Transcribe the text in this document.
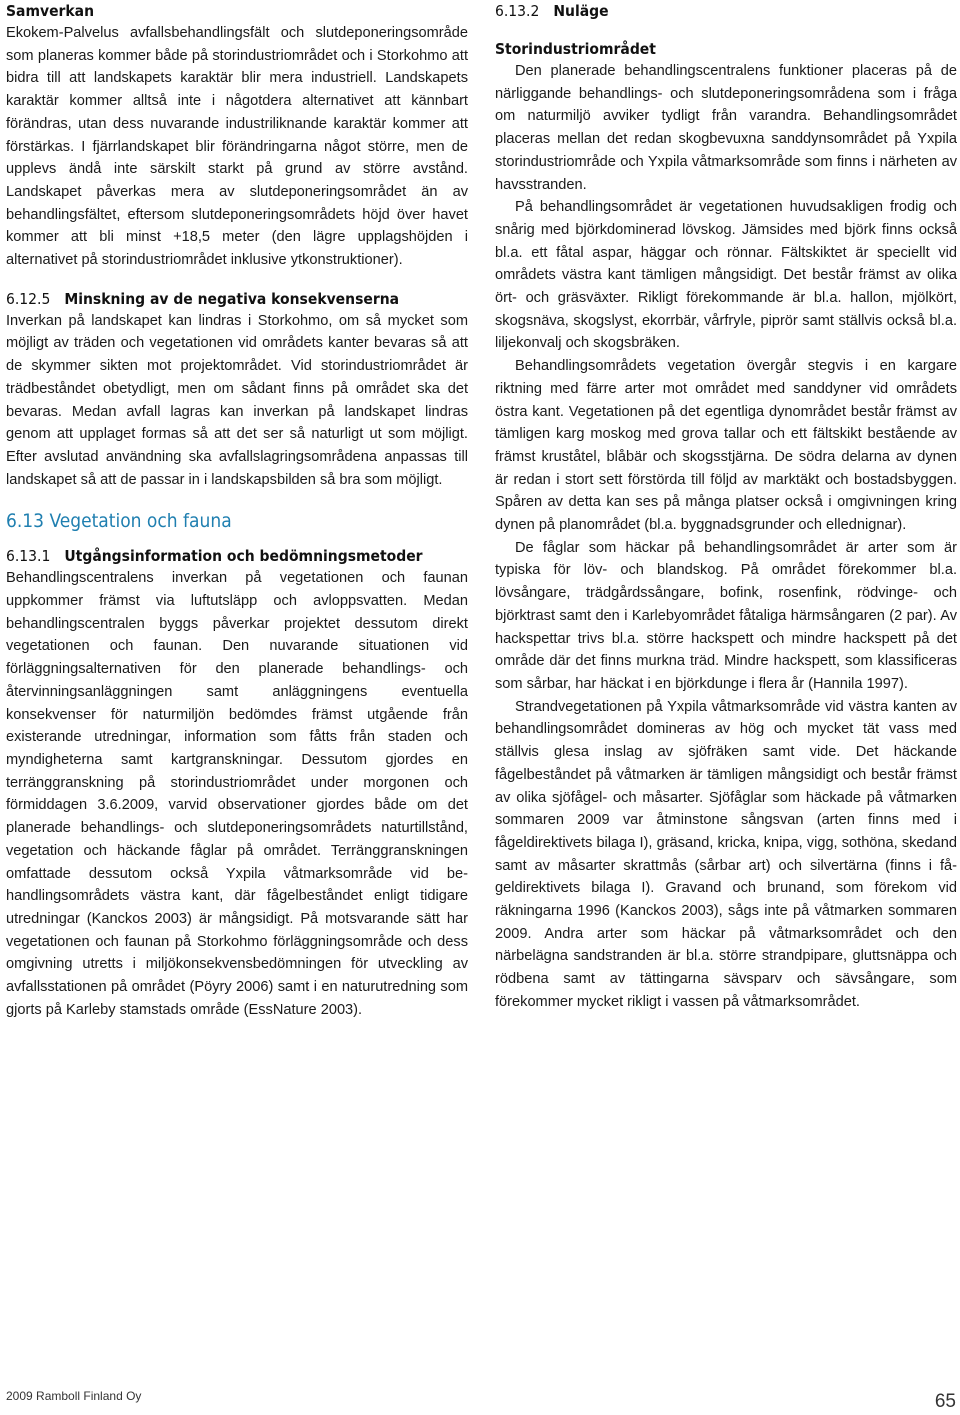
Samverkan

Ekokem-Palvelus avfallsbehandlingsfält och slutdeponeringsområde som planeras kommer både på storindustriområdet och i Storkohmo att bidra till att landskapets karaktär blir mera industriell. Landskapets karaktär kommer alltså inte i någotdera alternativet att kännbart förändras, utan dess nuvarande industriliknande karaktär kommer att förstärkas. I fjärrlandskapet blir förändringarna något större, men de upplevs ändå inte särskilt starkt på grund av större avstånd. Landskapet påverkas mera av slutdeponeringsområdet än av behandlingsfältet, eftersom slutdeponeringsområdets höjd över havet kommer att bli minst +18,5 meter (den lägre upplagshöjden i alternativet på storindustriområdet inklusive ytkonstruktioner).

6.12.5 Minskning av de negativa konsekvenserna

Inverkan på landskapet kan lindras i Storkohmo, om så mycket som möjligt av träden och vegetationen vid områdets kanter bevaras så att de skymmer sikten mot projektområdet. Vid storindustriområdet är trädbeståndet obetydligt, men om sådant finns på området ska det bevaras. Medan avfall lagras kan inverkan på landskapet lindras genom att upplaget formas så att det ser så naturligt ut som möjligt. Efter avslutad användning ska avfallslagringsområdena anpassas till landskapet så att de passar in i landskapsbilden så bra som möjligt.

6.13 Vegetation och fauna
6.13.1 Utgångsinformation och bedömningsmetoder

Behandlingscentralens inverkan på vegetationen och faunan uppkommer främst via luftutsläpp och avloppsvatten. Medan behandlingscentralen byggs påverkar projektet dessutom direkt vegetationen och faunan. Den nuvarande situationen vid förläggningsalternativen för den planerade behandlings- och återvinningsanläggningen samt anläggningens eventuella konsekvenser för naturmiljön bedömdes främst utgående från existerande utredningar, information som fåtts från staden och myndigheterna samt kartgranskningar. Dessutom gjordes en terränggranskning på storindustriområdet under morgonen och förmiddagen 3.6.2009, varvid observationer gjordes både om det planerade behandlings- och slutdeponeringsområdets naturtillstånd, vegetation och häckande fåglar på området. Terränggranskningen omfattade dessutom också Yxpila våtmarksområde vid behandlingsområdets västra kant, där fågelbeståndet enligt tidigare utredningar (Kanckos 2003) är mångsidigt. På motsvarande sätt har vegetationen och faunan på Storkohmo förläggningsområde och dess omgivning utretts i miljökonsekvensbedömningen för utveckling av avfallsstationen på området (Pöyry 2006) samt i en naturutredning som gjorts på Karleby stamstads område (EssNature 2003).

6.13.2 Nuläge
Storindustriområdet

Den planerade behandlingscentralens funktioner placeras på de närliggande behandlings- och slutdeponeringsområdena som i fråga om naturmiljö avviker tydligt från varandra. Behandlingsområdet placeras mellan det redan skogbevuxna sanddynsområdet på Yxpila storindustriområde och Yxpila våtmarksområde som finns i närheten av havsstranden.

På behandlingsområdet är vegetationen huvudsakligen frodig och snårig med björkdominerad lövskog. Jämsides med björk finns också bl.a. ett fåtal aspar, häggar och rönnar. Fältskiktet är speciellt vid områdets västra kant tämligen mångsidigt. Det består främst av olika ört- och gräsväxter. Rikligt förekommande är bl.a. hallon, mjölkört, skogsnäva, skogslyst, ekorrbär, vårfryle, piprör samt ställvis också bl.a. liljekonvalj och skogsbräken.

Behandlingsområdets vegetation övergår stegvis i en kargare riktning med färre arter mot området med sanddyner vid områdets östra kant. Vegetationen på det egentliga dynområdet består främst av tämligen karg moskog med grova tallar och ett fältskikt bestående av främst kruståtel, blåbär och skogsstjärna. De södra delarna av dynen är redan i stort sett förstörda till följd av marktäkt och bostadsbyggen. Spåren av detta kan ses på många platser också i omgivningen kring dynen på planområdet (bl.a. byggnadsgrunder och ellednignar).

De fåglar som häckar på behandlingsområdet är arter som är typiska för löv- och blandskog. På området förekommer bl.a. lövsångare, trädgårdssångare, bofink, rosenfink, rödvinge- och björktrast samt den i Karlebyområdet fåtaliga härmsångaren (2 par). Av hackspettar trivs bl.a. större hackspett och mindre hackspett på det område där det finns murkna träd. Mindre hackspett, som klassificeras som sårbar, har häckat i en björkdunge i flera år (Hannila 1997).

Strandvegetationen på Yxpila våtmarksområde vid västra kanten av behandlingsområdet domineras av hög och mycket tät vass med ställvis glesa inslag av sjöfräken samt vide. Det häckande fågelbeståndet på våtmarken är tämligen mångsidigt och består främst av olika sjöfågel- och måsarter. Sjöfåglar som häckade på våtmarken sommaren 2009 var åtminstone sångsvan (arten finns med i fågeldirektivets bilaga I), gräsand, kricka, knipa, vigg, sothöna, skedand samt av måsarter skrattmås (sårbar art) och silvertärna (finns i fågeldirektivets bilaga I). Gravand och brunand, som förekom vid räkningarna 1996 (Kanckos 2003), sågs inte på våtmarken sommaren 2009. Andra arter som häckar på våtmarksområdet och den närbelägna sandstranden är bl.a. större strandpipare, gluttsnäppa och rödbena samt av tättingarna sävsparv och sävsångare, som förekommer mycket rikligt i vassen på våtmarksområdet.

2009 Ramboll Finland Oy	65
